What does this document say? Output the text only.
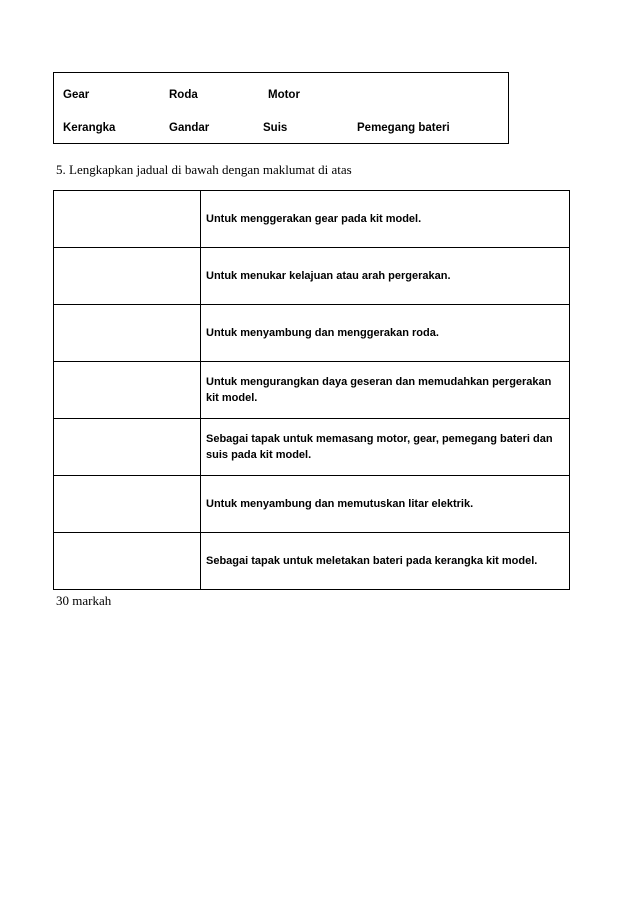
Gear	Roda	Motor
Kerangka	Gandar	Suis	Pemegang bateri
5. Lengkapkan jadual di bawah dengan maklumat di atas
	Untuk menggerakan gear pada kit model.
	Untuk menukar kelajuan atau arah pergerakan.
	Untuk menyambung dan menggerakan roda.
	Untuk mengurangkan daya geseran dan memudahkan pergerakan kit model.
	Sebagai tapak untuk memasang motor, gear, pemegang bateri dan suis pada kit model.
	Untuk menyambung dan memutuskan litar elektrik.
	Sebagai tapak untuk meletakan bateri pada kerangka kit model.
30 markah
